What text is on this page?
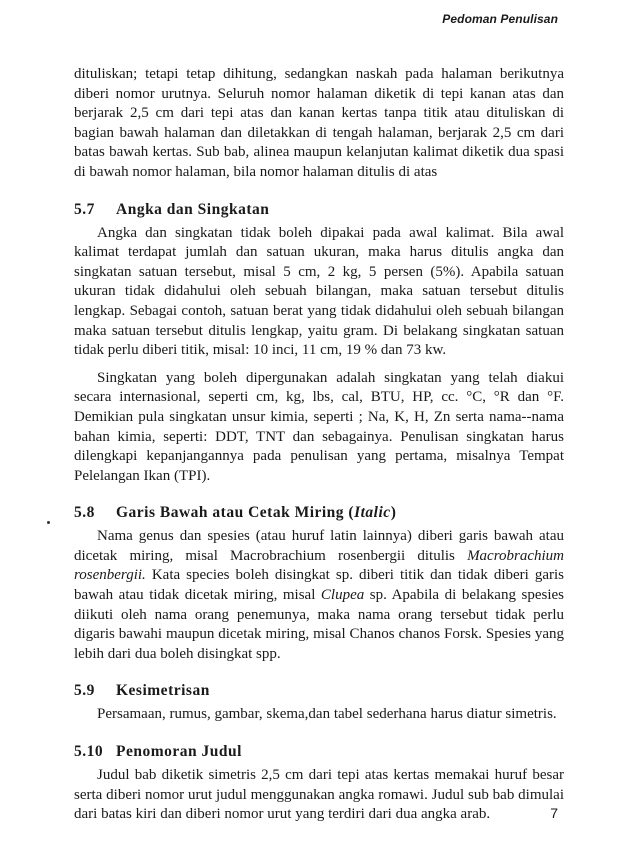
Pedoman Penulisan

dituliskan; tetapi tetap dihitung, sedangkan naskah pada halaman berikutnya diberi nomor urutnya. Seluruh nomor halaman diketik di tepi kanan atas dan berjarak 2,5 cm dari tepi atas dan kanan kertas tanpa titik atau dituliskan di bagian bawah halaman dan diletakkan di tengah halaman, berjarak 2,5 cm dari batas bawah kertas. Sub bab, alinea maupun kelanjutan kalimat diketik dua spasi di bawah nomor halaman, bila nomor halaman ditulis di atas

5.7 Angka dan Singkatan

Angka dan singkatan tidak boleh dipakai pada awal kalimat. Bila awal kalimat terdapat jumlah dan satuan ukuran, maka harus ditulis angka dan singkatan satuan tersebut, misal 5 cm, 2 kg, 5 persen (5%). Apabila satuan ukuran tidak didahului oleh sebuah bilangan, maka satuan tersebut ditulis lengkap. Sebagai contoh, satuan berat yang tidak didahului oleh sebuah bilangan maka satuan tersebut ditulis lengkap, yaitu gram. Di belakang singkatan satuan tidak perlu diberi titik, misal: 10 inci, 11 cm, 19 % dan 73 kw.

Singkatan yang boleh dipergunakan adalah singkatan yang telah diakui secara internasional, seperti cm, kg, lbs, cal, BTU, HP, cc. °C, °R dan °F. Demikian pula singkatan unsur kimia, seperti ; Na, K, H, Zn serta nama--nama bahan kimia, seperti: DDT, TNT dan sebagainya. Penulisan singkatan harus dilengkapi kepanjangannya pada penulisan yang pertama, misalnya Tempat Pelelangan Ikan (TPI).

5.8 Garis Bawah atau Cetak Miring (Italic)

Nama genus dan spesies (atau huruf latin lainnya) diberi garis bawah atau dicetak miring, misal Macrobrachium rosenbergii ditulis Macrobrachium rosenbergii. Kata species boleh disingkat sp. diberi titik dan tidak diberi garis bawah atau tidak dicetak miring, misal Clupea sp. Apabila di belakang spesies diikuti oleh nama orang penemunya, maka nama orang tersebut tidak perlu digaris bawahi maupun dicetak miring, misal Chanos chanos Forsk. Spesies yang lebih dari dua boleh disingkat spp.

5.9 Kesimetrisan

Persamaan, rumus, gambar, skema,dan tabel sederhana harus diatur simetris.

5.10 Penomoran Judul

Judul bab diketik simetris 2,5 cm dari tepi atas kertas memakai huruf besar serta diberi nomor urut judul menggunakan angka romawi. Judul sub bab dimulai dari batas kiri dan diberi nomor urut yang terdiri dari dua angka arab.	7
